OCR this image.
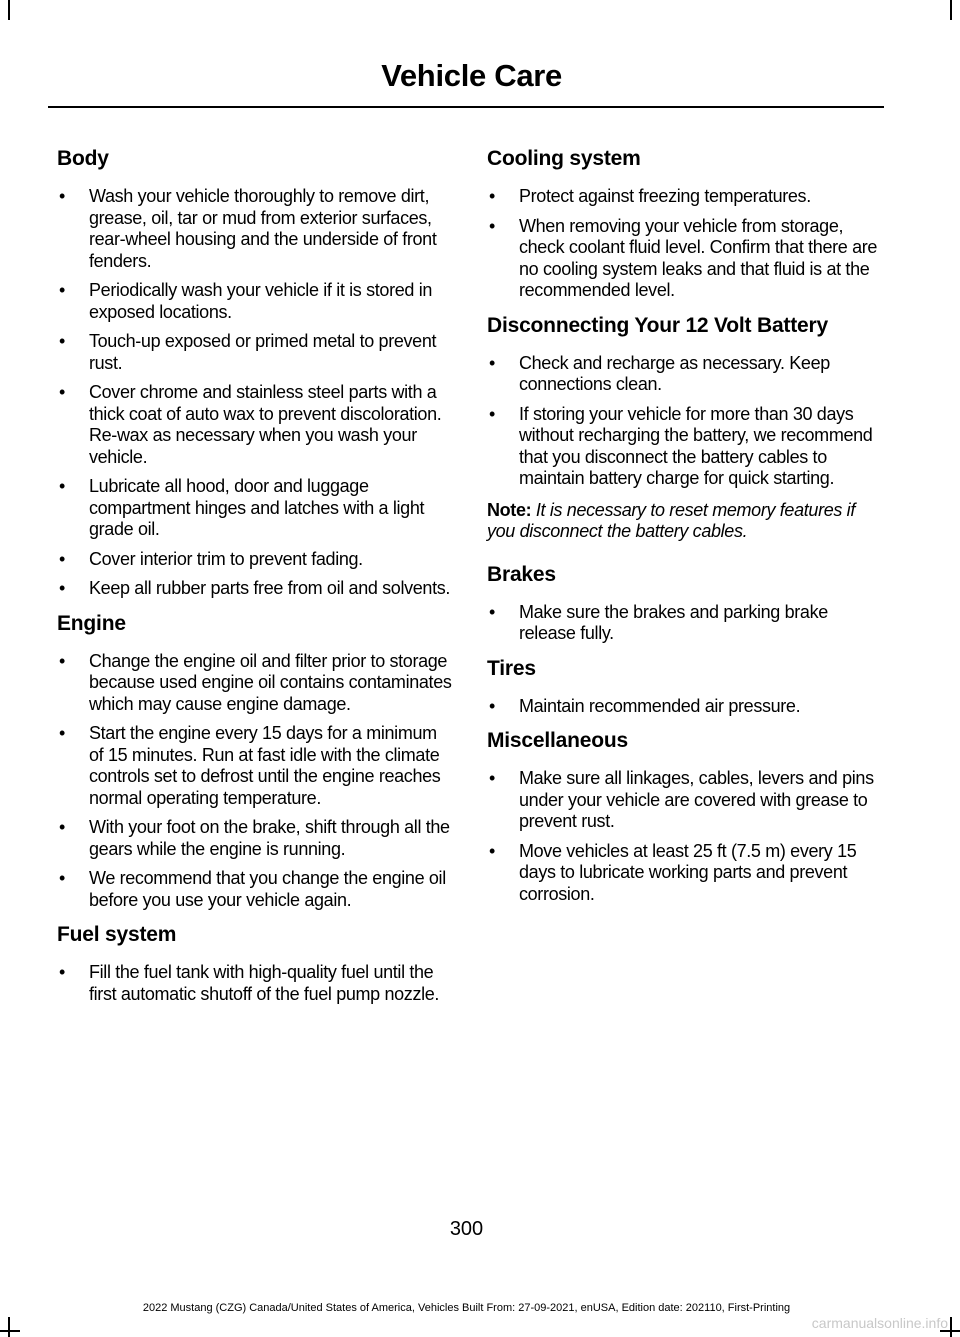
Vehicle Care
Body
• Wash your vehicle thoroughly to remove dirt, grease, oil, tar or mud from exterior surfaces, rear-wheel housing and the underside of front fenders.
• Periodically wash your vehicle if it is stored in exposed locations.
• Touch-up exposed or primed metal to prevent rust.
• Cover chrome and stainless steel parts with a thick coat of auto wax to prevent discoloration. Re-wax as necessary when you wash your vehicle.
• Lubricate all hood, door and luggage compartment hinges and latches with a light grade oil.
• Cover interior trim to prevent fading.
• Keep all rubber parts free from oil and solvents.
Engine
• Change the engine oil and filter prior to storage because used engine oil contains contaminates which may cause engine damage.
• Start the engine every 15 days for a minimum of 15 minutes. Run at fast idle with the climate controls set to defrost until the engine reaches normal operating temperature.
• With your foot on the brake, shift through all the gears while the engine is running.
• We recommend that you change the engine oil before you use your vehicle again.
Fuel system
• Fill the fuel tank with high-quality fuel until the first automatic shutoff of the fuel pump nozzle.
Cooling system
• Protect against freezing temperatures.
• When removing your vehicle from storage, check coolant fluid level. Confirm that there are no cooling system leaks and that fluid is at the recommended level.
Disconnecting Your 12 Volt Battery
• Check and recharge as necessary. Keep connections clean.
• If storing your vehicle for more than 30 days without recharging the battery, we recommend that you disconnect the battery cables to maintain battery charge for quick starting.

Note: It is necessary to reset memory features if you disconnect the battery cables.

Brakes
• Make sure the brakes and parking brake release fully.
Tires
• Maintain recommended air pressure.
Miscellaneous
• Make sure all linkages, cables, levers and pins under your vehicle are covered with grease to prevent rust.
• Move vehicles at least 25 ft (7.5 m) every 15 days to lubricate working parts and prevent corrosion.
300
2022 Mustang (CZG) Canada/United States of America, Vehicles Built From: 27-09-2021, enUSA, Edition date: 202110, First-Printing
carmanualsonline.info
